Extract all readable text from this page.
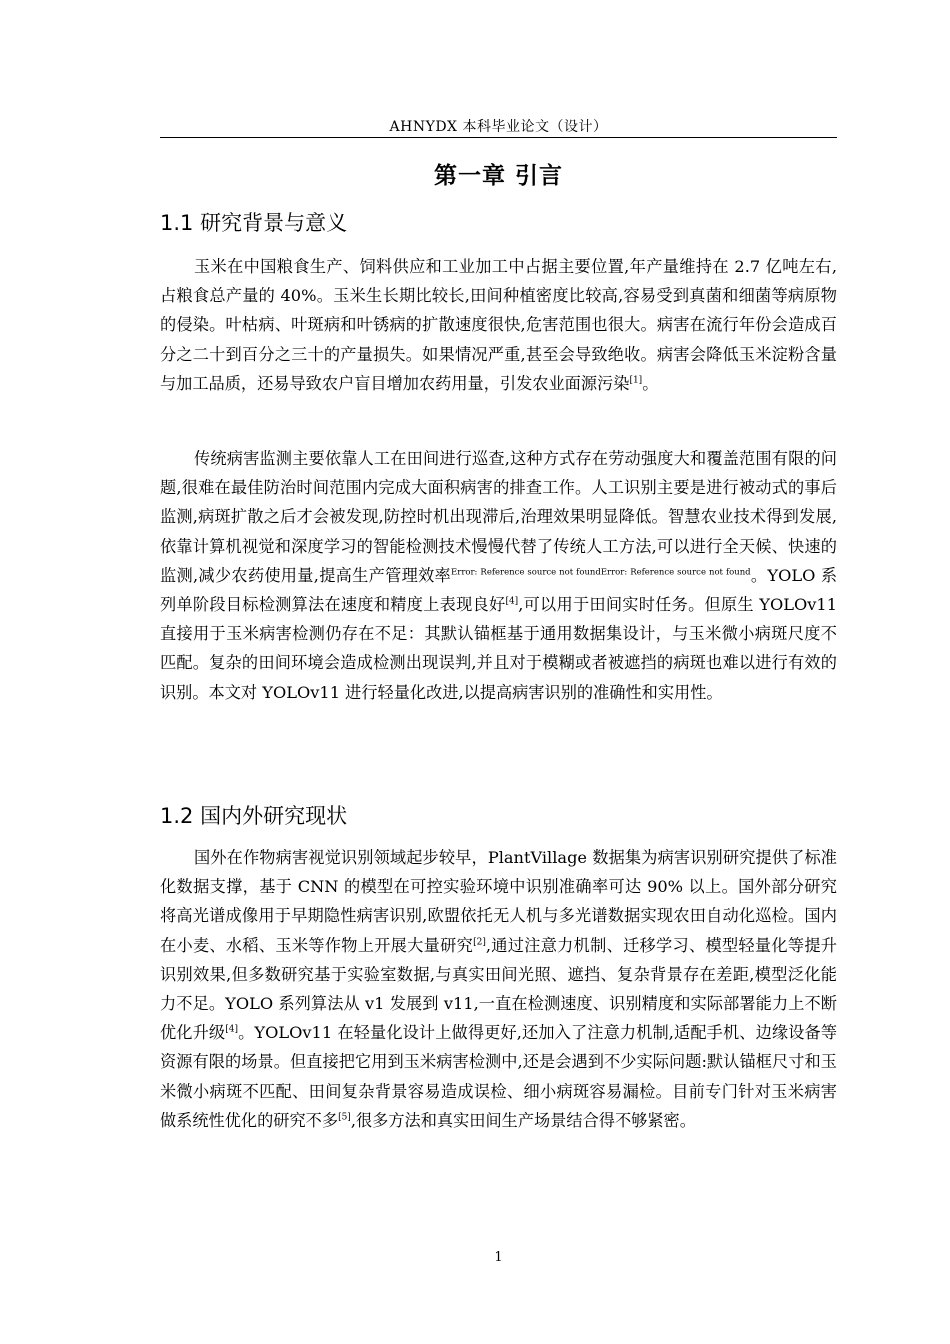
AHNYDX 本科毕业论文（设计）
第一章 引言
1.1 研究背景与意义

玉米在中国粮食生产、饲料供应和工业加工中占据主要位置,年产量维持在 2.7 亿吨左右,占粮食总产量的 40%。玉米生长期比较长,田间种植密度比较高,容易受到真菌和细菌等病原物的侵染。叶枯病、叶斑病和叶锈病的扩散速度很快,危害范围也很大。病害在流行年份会造成百分之二十到百分之三十的产量损失。如果情况严重,甚至会导致绝收。病害会降低玉米淀粉含量与加工品质，还易导致农户盲目增加农药用量，引发农业面源污染[1]。

传统病害监测主要依靠人工在田间进行巡查,这种方式存在劳动强度大和覆盖范围有限的问题,很难在最佳防治时间范围内完成大面积病害的排查工作。人工识别主要是进行被动式的事后监测,病斑扩散之后才会被发现,防控时机出现滞后,治理效果明显降低。智慧农业技术得到发展,依靠计算机视觉和深度学习的智能检测技术慢慢代替了传统人工方法,可以进行全天候、快速的监测,减少农药使用量,提高生产管理效率$^{Error: Reference source not foundError: Reference source not found}$。YOLO 系列单阶段目标检测算法在速度和精度上表现良好[4],可以用于田间实时任务。但原生 YOLOv11 直接用于玉米病害检测仍存在不足：其默认锚框基于通用数据集设计，与玉米微小病斑尺度不匹配。复杂的田间环境会造成检测出现误判,并且对于模糊或者被遮挡的病斑也难以进行有效的识别。本文对 YOLOv11 进行轻量化改进,以提高病害识别的准确性和实用性。

1.2 国内外研究现状

国外在作物病害视觉识别领域起步较早，PlantVillage 数据集为病害识别研究提供了标准化数据支撑，基于 CNN 的模型在可控实验环境中识别准确率可达 90% 以上。国外部分研究将高光谱成像用于早期隐性病害识别,欧盟依托无人机与多光谱数据实现农田自动化巡检。国内在小麦、水稻、玉米等作物上开展大量研究[2],通过注意力机制、迁移学习、模型轻量化等提升识别效果,但多数研究基于实验室数据,与真实田间光照、遮挡、复杂背景存在差距,模型泛化能力不足。YOLO 系列算法从 v1 发展到 v11,一直在检测速度、识别精度和实际部署能力上不断优化升级[4]。YOLOv11 在轻量化设计上做得更好,还加入了注意力机制,适配手机、边缘设备等资源有限的场景。但直接把它用到玉米病害检测中,还是会遇到不少实际问题:默认锚框尺寸和玉米微小病斑不匹配、田间复杂背景容易造成误检、细小病斑容易漏检。目前专门针对玉米病害做系统性优化的研究不多[5],很多方法和真实田间生产场景结合得不够紧密。

1
